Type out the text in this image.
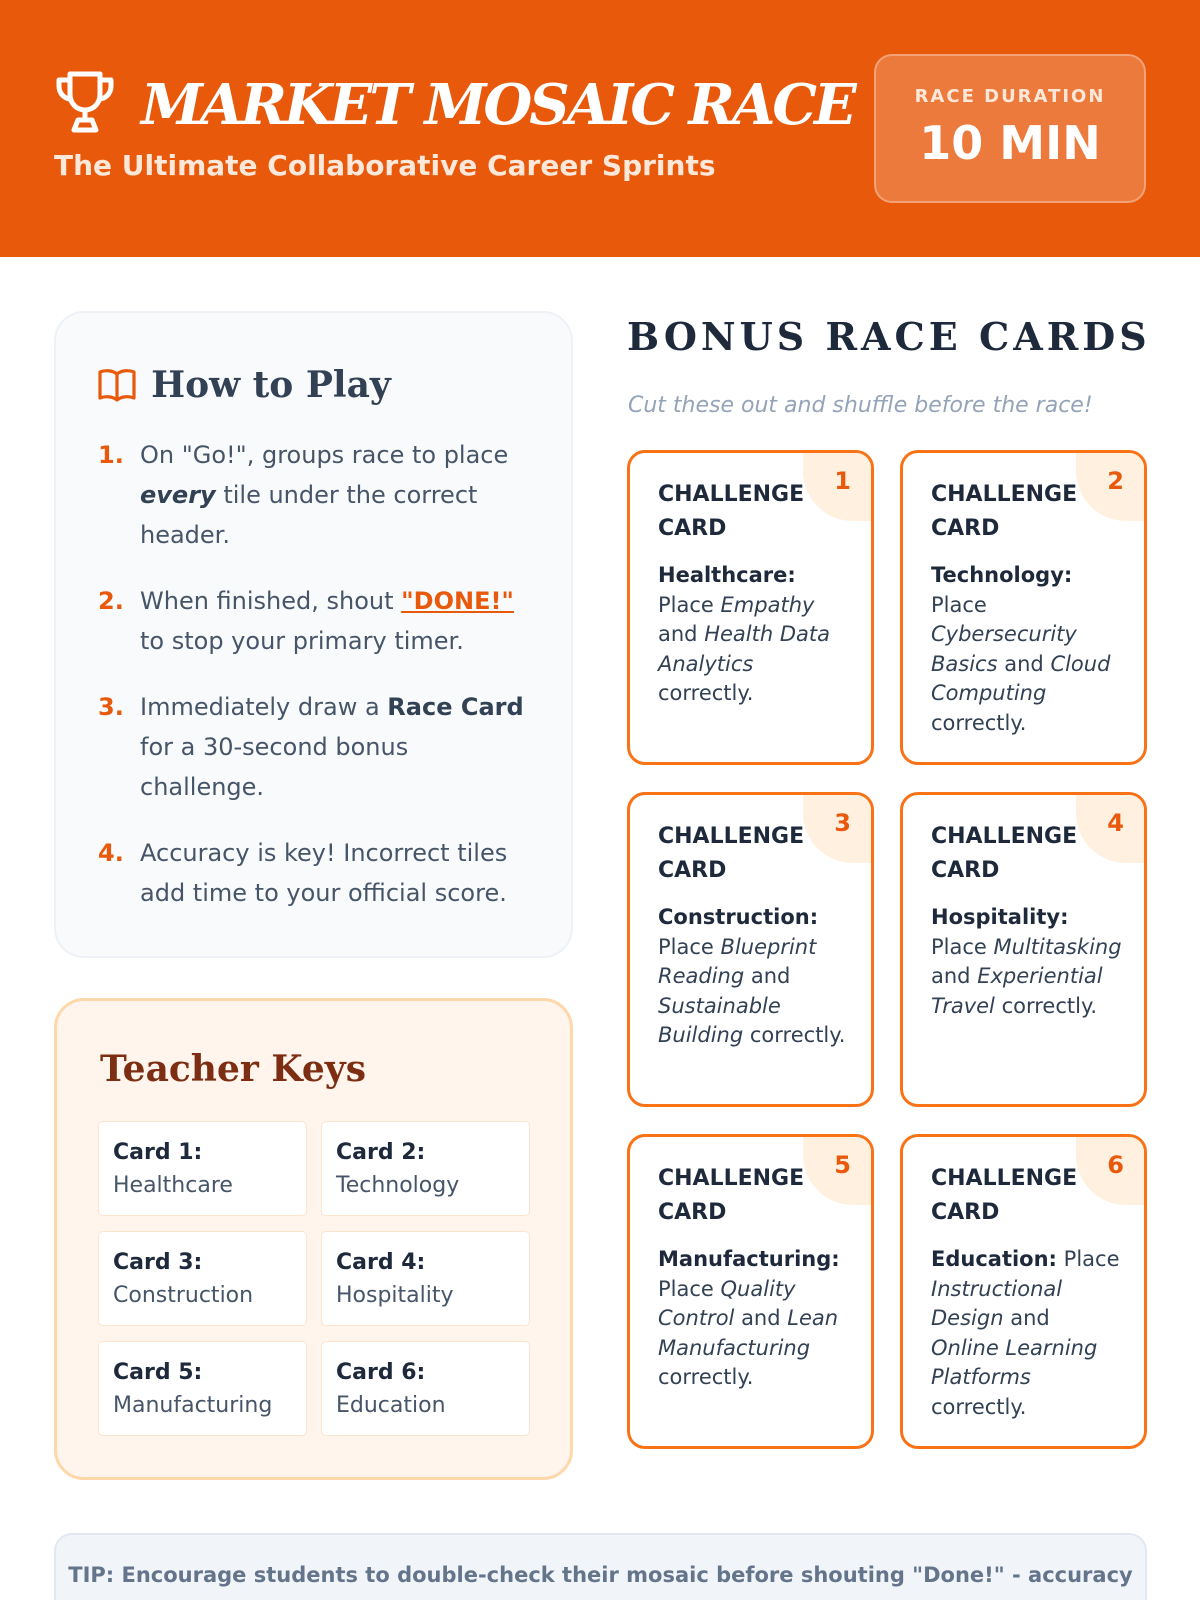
MARKET MOSAIC RACE
The Ultimate Collaborative Career Sprints
RACE DURATION
10 MIN
How to Play
1. On "Go!", groups race to place every tile under the correct header.
2. When finished, shout "DONE!" to stop your primary timer.
3. Immediately draw a Race Card for a 30-second bonus challenge.
4. Accuracy is key! Incorrect tiles add time to your official score.
Teacher Keys
Card 1:
Healthcare
Card 2:
Technology
Card 3:
Construction
Card 4:
Hospitality
Card 5:
Manufacturing
Card 6:
Education
BONUS RACE CARDS
Cut these out and shuffle before the race!
1
CHALLENGE CARD
Healthcare:
Place Empathy
and Health Data Analytics correctly.
2
CHALLENGE CARD
Technology:
Place Cybersecurity Basics and Cloud Computing correctly.
3
CHALLENGE CARD
Construction:
Place Blueprint Reading and Sustainable Building correctly.
4
CHALLENGE CARD
Hospitality:
Place Multitasking and Experiential Travel correctly.
5
CHALLENGE CARD
Manufacturing:
Place Quality Control and Lean Manufacturing correctly.
6
CHALLENGE CARD
Education: Place Instructional Design and Online Learning Platforms correctly.
TIP: Encourage students to double-check their mosaic before shouting "Done!" - accuracy
